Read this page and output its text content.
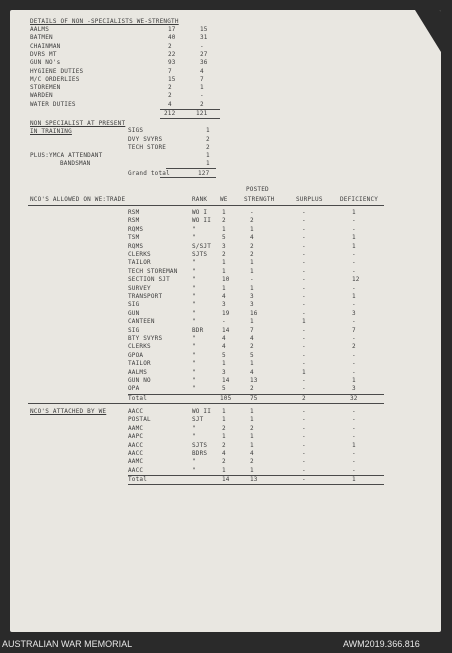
DETAILS OF NON -SPECIALISTS WE-STRENGTH
AALMS	17	15
BATMEN	40	31
CHAINMAN	2	-
DVRS MT	22	27
GUN NO's	93	36
HYGIENE DUTIES	7	4
M/C ORDERLIES	15	7
STOREMEN	2	1
WARDEN	2	-
WATER DUTIES	4	2
212	121
NON SPECIALIST AT PRESENT
IN TRAINING	SIGS	1
DVY SVYRS	2
TECH STORE	2
PLUS:YMCA ATTENDANT	1
BANDSMAN	1
Grand total	127
NCO'S ALLOWED ON WE:TRADE	RANK WE
POSTED
STRENGTH	SURPLUS	DEFICIENCY
RSM	WO I 1	-	-	1
RSM	WO II 2	2	-	-
RQMS	"	1	1	-	-
TSM	"	5	4	-	1
RQMS	S/SJT 3	2	-	1
CLERKS	SJTS 2	2	-	-
TAILOR	"	1	1	-	-
TECH STOREMAN "	1	1	-	-
SECTION SJT	"	10	-	-	12
SURVEY	"	1	1	-	-
TRANSPORT	"	4	3	-	1
SIG	"	3	3	-	-
GUN	"	19	16	-	3
CANTEEN	"	-	1	1	-
SIG	BDR	14	7	-	7
BTY SVYRS	"	4	4	-	-
CLERKS	"	4	2	-	2
GPOA	"	5	5	-	-
TAILOR	"	1	1	-	-
AALMS	"	3	4	1	-
GUN NO	"	14	13	-	1
OPA	"	5	2	-	3
Total	105	75	2	32
NCO'S ATTACHED BY WE	AACC	WO II 1	1	-	-
POSTAL	SJT	1	1	-	-
AAMC	"	2	2	-	-
AAPC	"	1	1	-	-
AACC	SJTS 2	1	-	1
AACC	BDRS 4	4	-	-
AAMC	"	2	2	-	-
AACC	"	1	1	-	-
Total	14	13	-	1
AUSTRALIAN WAR MEMORIAL	AWM2019.366.816
